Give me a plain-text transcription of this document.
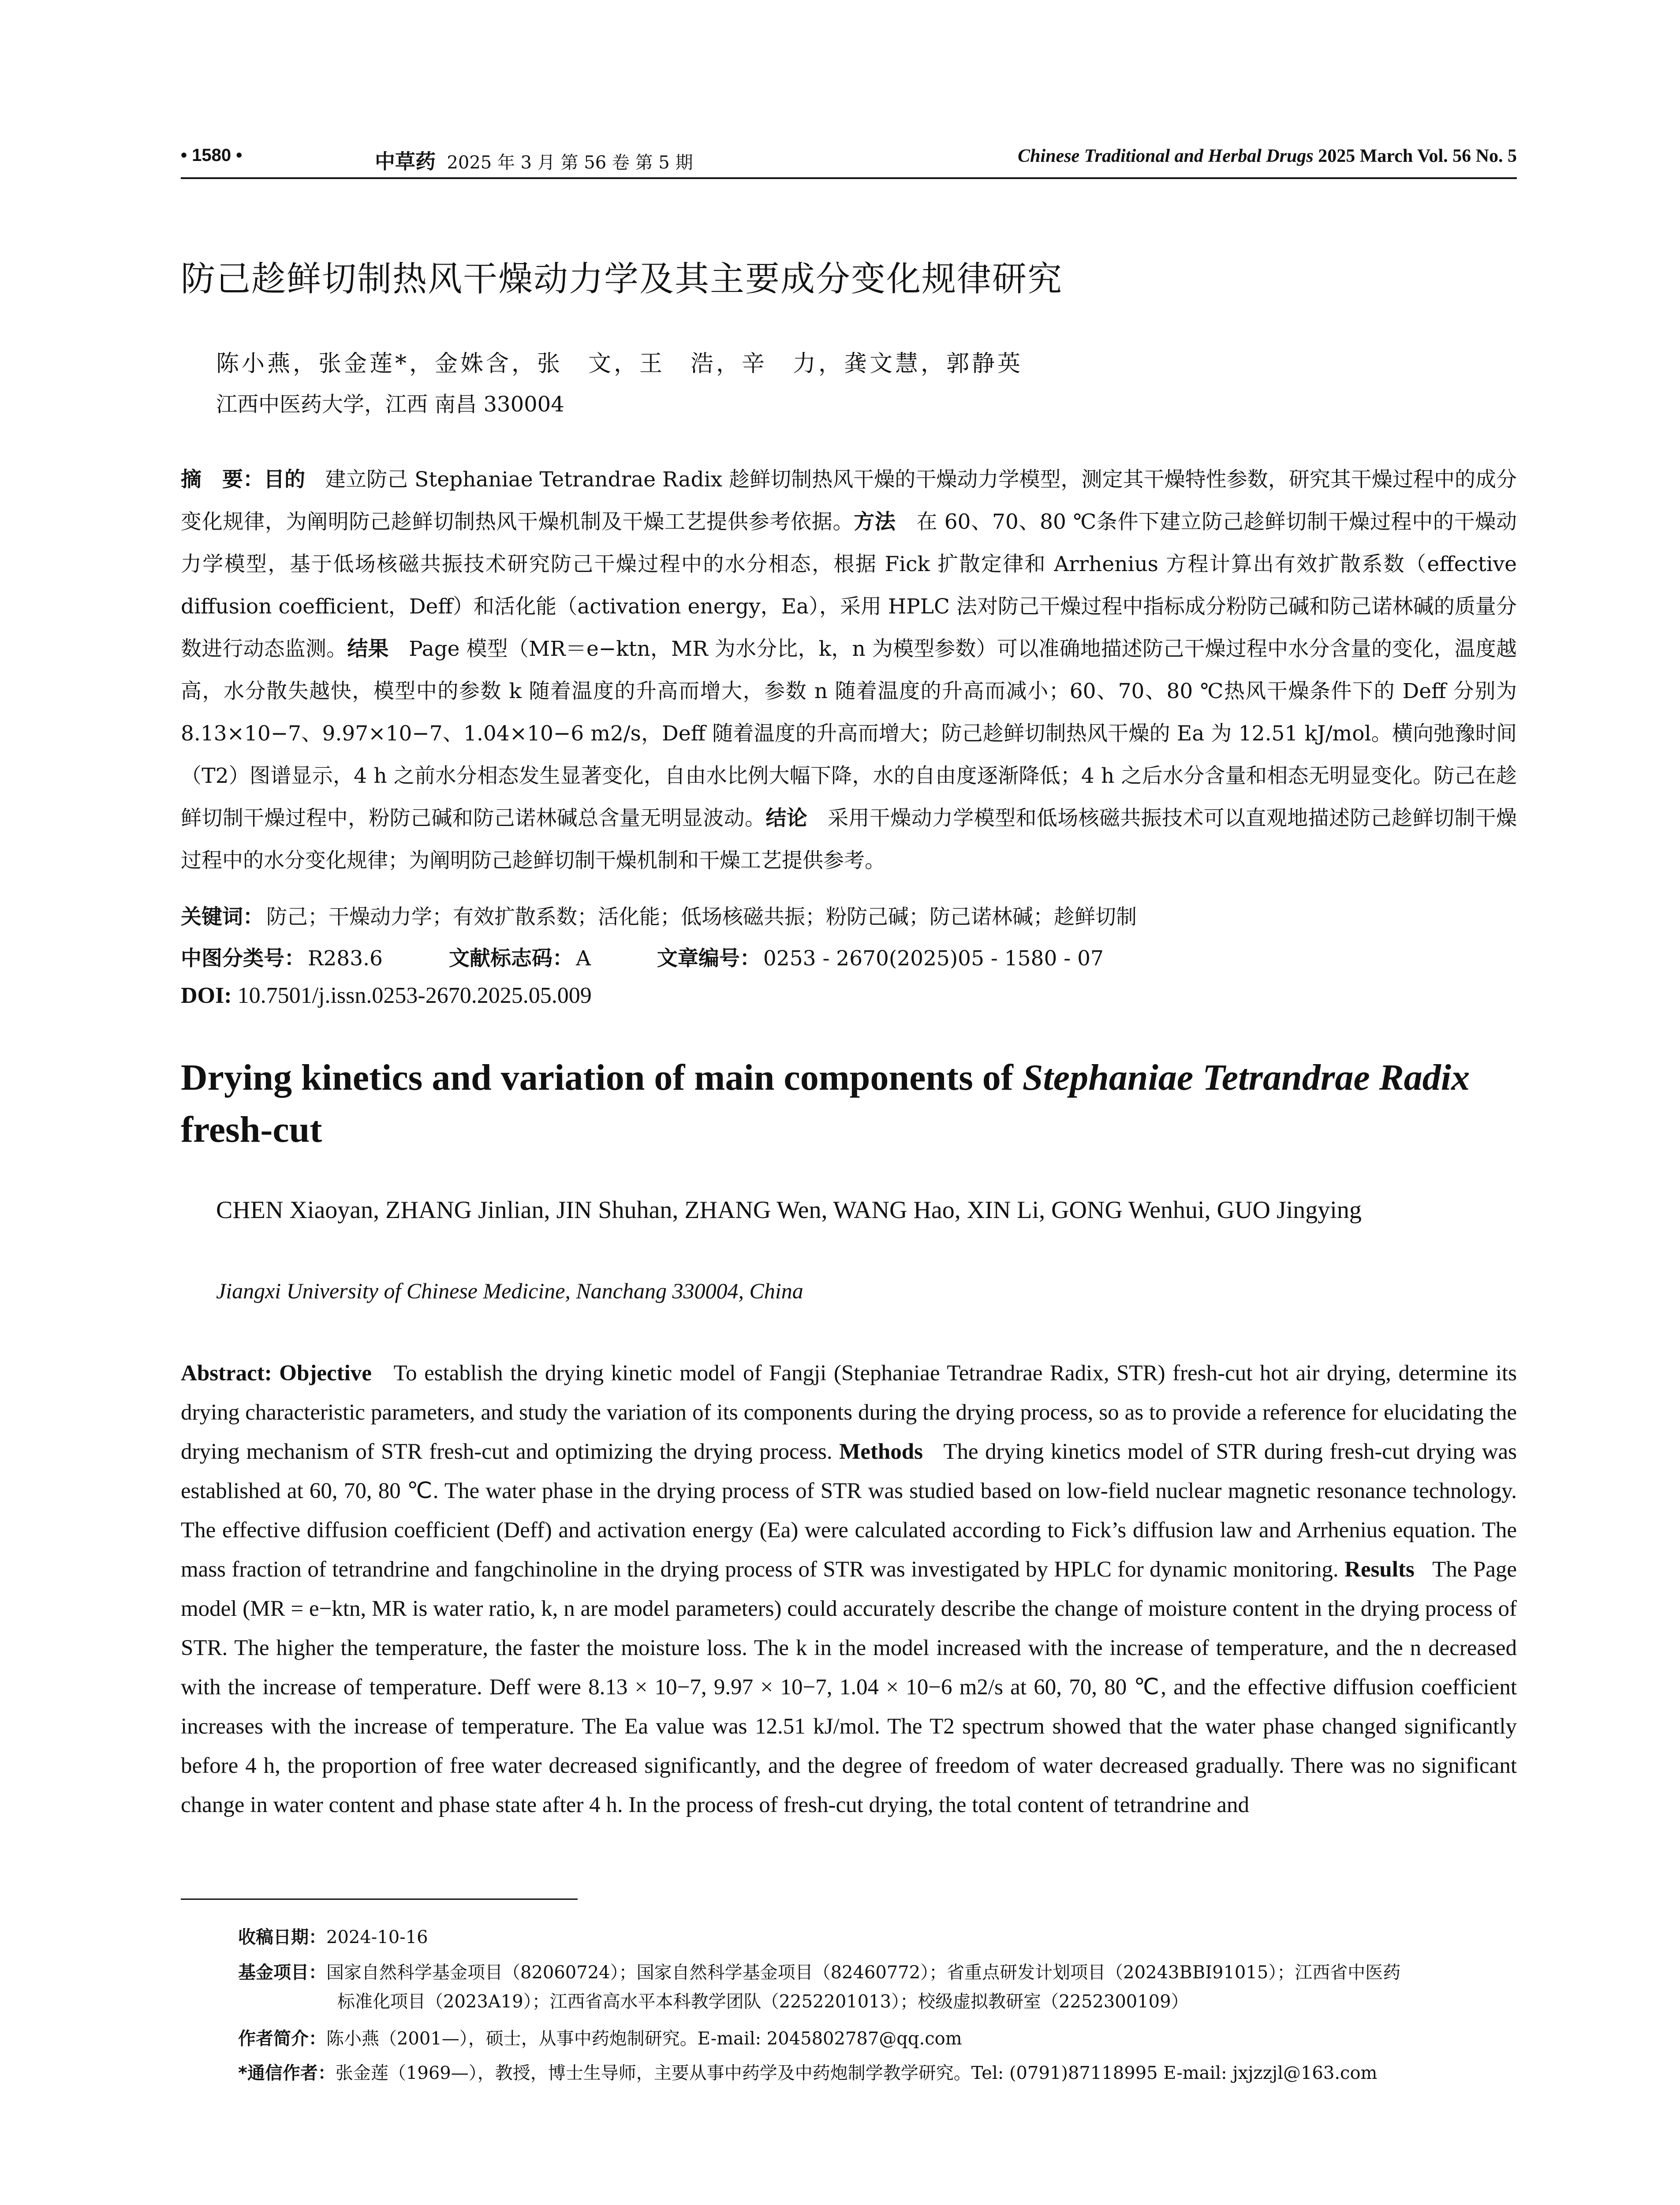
• 1580 •	中草药 2025 年 3 月 第 56 卷 第 5 期	Chinese Traditional and Herbal Drugs 2025 March Vol. 56 No. 5
防己趁鲜切制热风干燥动力学及其主要成分变化规律研究
陈小燕，张金莲*，金姝含，张　文，王　浩，辛　力，龚文慧，郭静英
江西中医药大学，江西 南昌 330004
摘　要：目的 建立防己 Stephaniae Tetrandrae Radix 趁鲜切制热风干燥的干燥动力学模型，测定其干燥特性参数，研究其干燥过程中的成分变化规律，为阐明防己趁鲜切制热风干燥机制及干燥工艺提供参考依据。方法 在 60、70、80 ℃条件下建立防己趁鲜切制干燥过程中的干燥动力学模型，基于低场核磁共振技术研究防己干燥过程中的水分相态，根据 Fick 扩散定律和 Arrhenius 方程计算出有效扩散系数（effective diffusion coefficient，Deff）和活化能（activation energy，Ea），采用 HPLC 法对防己干燥过程中指标成分粉防己碱和防己诺林碱的质量分数进行动态监测。结果 Page 模型（MR＝e−ktn，MR 为水分比，k，n 为模型参数）可以准确地描述防己干燥过程中水分含量的变化，温度越高，水分散失越快，模型中的参数 k 随着温度的升高而增大，参数 n 随着温度的升高而减小；60、70、80 ℃热风干燥条件下的 Deff 分别为 8.13×10−7、9.97×10−7、1.04×10−6 m2/s，Deff 随着温度的升高而增大；防己趁鲜切制热风干燥的 Ea 为 12.51 kJ/mol。横向弛豫时间（T2）图谱显示，4 h 之前水分相态发生显著变化，自由水比例大幅下降，水的自由度逐渐降低；4 h 之后水分含量和相态无明显变化。防己在趁鲜切制干燥过程中，粉防己碱和防己诺林碱总含量无明显波动。结论 采用干燥动力学模型和低场核磁共振技术可以直观地描述防己趁鲜切制干燥过程中的水分变化规律；为阐明防己趁鲜切制干燥机制和干燥工艺提供参考。
关键词： 防己；干燥动力学；有效扩散系数；活化能；低场核磁共振；粉防己碱；防己诺林碱；趁鲜切制
中图分类号： R283.6	文献标志码： A	文章编号： 0253 - 2670(2025)05 - 1580 - 07
DOI: 10.7501/j.issn.0253-2670.2025.05.009
Drying kinetics and variation of main components of Stephaniae Tetrandrae Radix fresh-cut
CHEN Xiaoyan, ZHANG Jinlian, JIN Shuhan, ZHANG Wen, WANG Hao, XIN Li, GONG Wenhui, GUO Jingying
Jiangxi University of Chinese Medicine, Nanchang 330004, China
Abstract: Objective To establish the drying kinetic model of Fangji (Stephaniae Tetrandrae Radix, STR) fresh-cut hot air drying, determine its drying characteristic parameters, and study the variation of its components during the drying process, so as to provide a reference for elucidating the drying mechanism of STR fresh-cut and optimizing the drying process. Methods The drying kinetics model of STR during fresh-cut drying was established at 60, 70, 80 ℃. The water phase in the drying process of STR was studied based on low-field nuclear magnetic resonance technology. The effective diffusion coefficient (Deff) and activation energy (Ea) were calculated according to Fick’s diffusion law and Arrhenius equation. The mass fraction of tetrandrine and fangchinoline in the drying process of STR was investigated by HPLC for dynamic monitoring. Results The Page model (MR = e−ktn, MR is water ratio, k, n are model parameters) could accurately describe the change of moisture content in the drying process of STR. The higher the temperature, the faster the moisture loss. The k in the model increased with the increase of temperature, and the n decreased with the increase of temperature. Deff were 8.13 × 10−7, 9.97 × 10−7, 1.04 × 10−6 m2/s at 60, 70, 80 ℃, and the effective diffusion coefficient increases with the increase of temperature. The Ea value was 12.51 kJ/mol. The T2 spectrum showed that the water phase changed significantly before 4 h, the proportion of free water decreased significantly, and the degree of freedom of water decreased gradually. There was no significant change in water content and phase state after 4 h. In the process of fresh-cut drying, the total content of tetrandrine and
收稿日期：2024-10-16
基金项目：国家自然科学基金项目（82060724）；国家自然科学基金项目（82460772）；省重点研发计划项目（20243BBI91015）；江西省中医药
标准化项目（2023A19）；江西省高水平本科教学团队（2252201013）；校级虚拟教研室（2252300109）
作者简介：陈小燕（2001—），硕士，从事中药炮制研究。E-mail: 2045802787@qq.com
*通信作者：张金莲（1969—），教授，博士生导师，主要从事中药学及中药炮制学教学研究。Tel: (0791)87118995 E-mail: jxjzzjl@163.com
